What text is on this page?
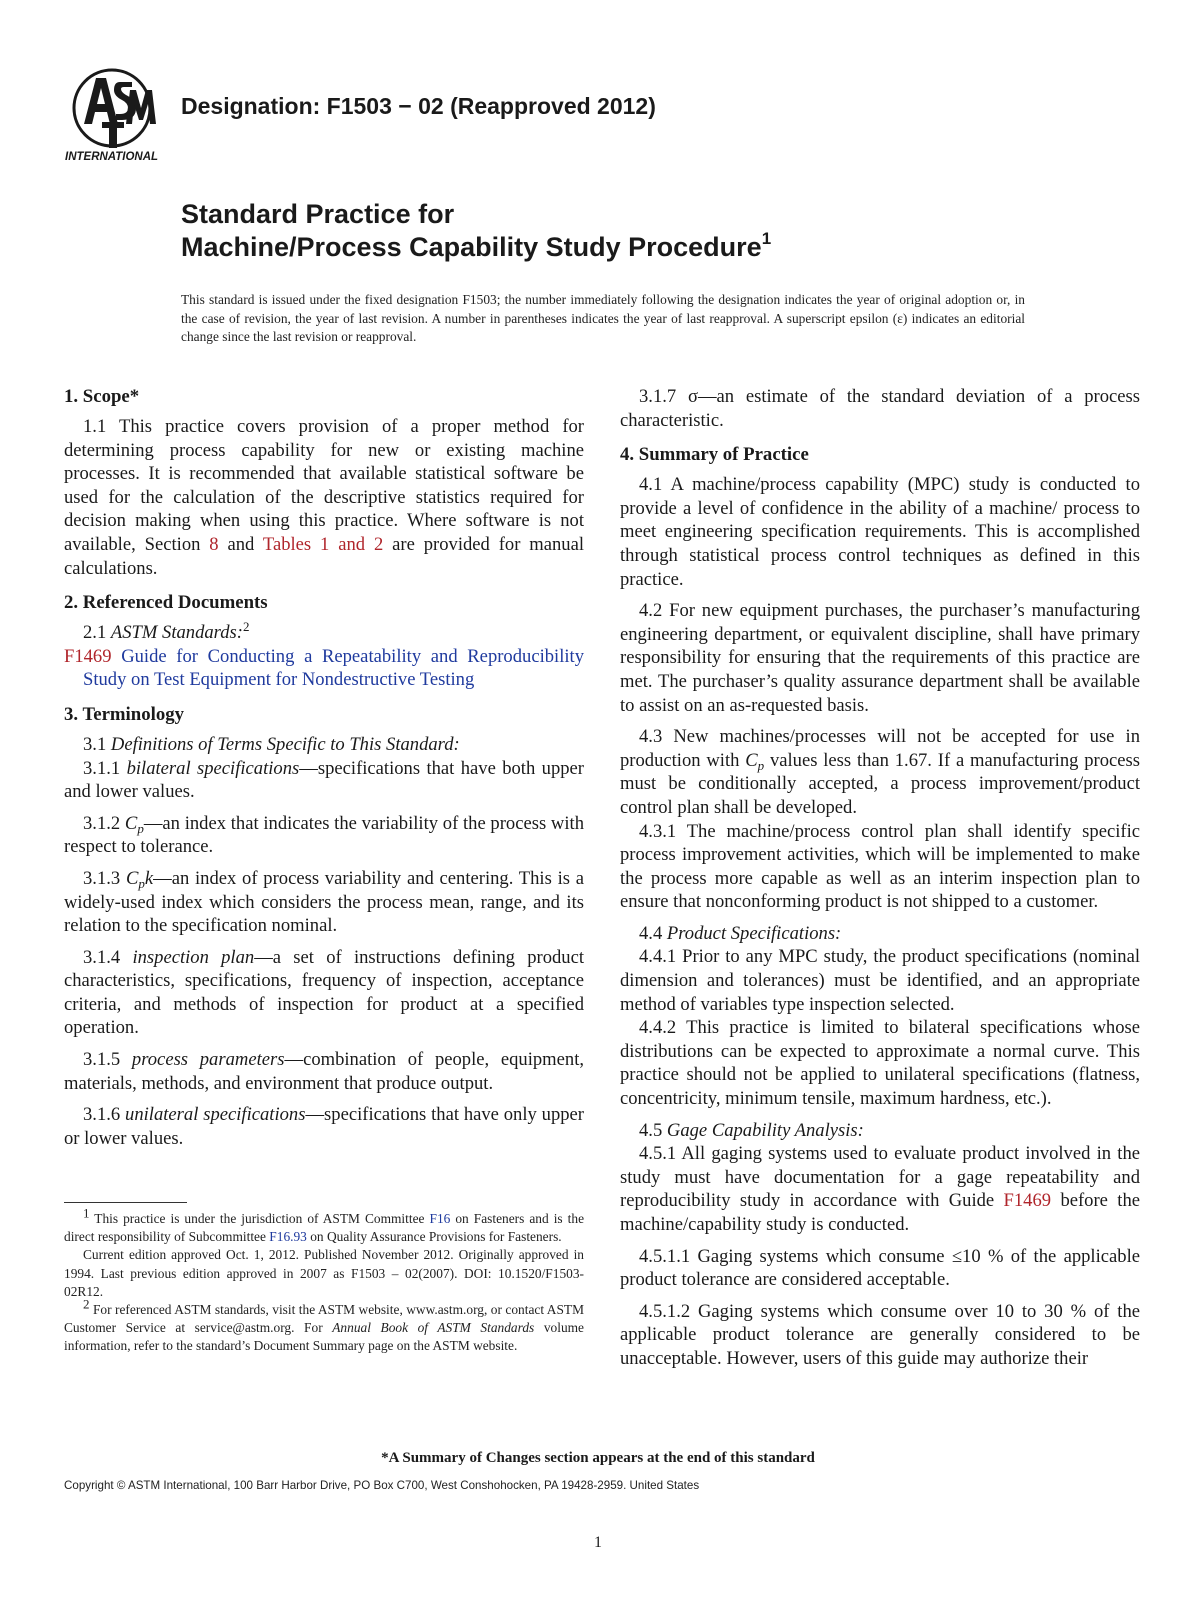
INTERNATIONAL
Designation: F1503 − 02 (Reapproved 2012)
Standard Practice for
Machine/Process Capability Study Procedure$^1$
This standard is issued under the fixed designation F1503; the number immediately following the designation indicates the year of original adoption or, in the case of revision, the year of last revision. A number in parentheses indicates the year of last reapproval. A superscript epsilon (ε) indicates an editorial change since the last revision or reapproval.
1. Scope*

1.1 This practice covers provision of a proper method for determining process capability for new or existing machine processes. It is recommended that available statistical software be used for the calculation of the descriptive statistics required for decision making when using this practice. Where software is not available, Section 8 and Tables 1 and 2 are provided for manual calculations.

2. Referenced Documents

2.1 ASTM Standards:$^2$

F1469 Guide for Conducting a Repeatability and Reproducibility Study on Test Equipment for Nondestructive Testing
3. Terminology

3.1 Definitions of Terms Specific to This Standard:

3.1.1 bilateral specifications—specifications that have both upper and lower values.

3.1.2 $C_p—an$ index that indicates the variability of the process with respect to tolerance.

3.1.3 $C_pk—an$ index of process variability and centering. This is a widely-used index which considers the process mean, range, and its relation to the specification nominal.

3.1.4 inspection plan—a set of instructions defining product characteristics, specifications, frequency of inspection, acceptance criteria, and methods of inspection for product at a specified operation.

3.1.5 process parameters—combination of people, equipment, materials, methods, and environment that produce output.

3.1.6 unilateral specifications—specifications that have only upper or lower values.

3.1.7 σ—an estimate of the standard deviation of a process characteristic.

4. Summary of Practice

4.1 A machine/process capability (MPC) study is conducted to provide a level of confidence in the ability of a machine/ process to meet engineering specification requirements. This is accomplished through statistical process control techniques as defined in this practice.

4.2 For new equipment purchases, the purchaser’s manufacturing engineering department, or equivalent discipline, shall have primary responsibility for ensuring that the requirements of this practice are met. The purchaser’s quality assurance department shall be available to assist on an as-requested basis.

4.3 New machines/processes will not be accepted for use in production with $C_p$ values less than 1.67. If a manufacturing process must be conditionally accepted, a process improvement/product control plan shall be developed.

4.3.1 The machine/process control plan shall identify specific process improvement activities, which will be implemented to make the process more capable as well as an interim inspection plan to ensure that nonconforming product is not shipped to a customer.

4.4 Product Specifications:

4.4.1 Prior to any MPC study, the product specifications (nominal dimension and tolerances) must be identified, and an appropriate method of variables type inspection selected.

4.4.2 This practice is limited to bilateral specifications whose distributions can be expected to approximate a normal curve. This practice should not be applied to unilateral specifications (flatness, concentricity, minimum tensile, maximum hardness, etc.).

4.5 Gage Capability Analysis:

4.5.1 All gaging systems used to evaluate product involved in the study must have documentation for a gage repeatability and reproducibility study in accordance with Guide F1469 before the machine/capability study is conducted.

4.5.1.1 Gaging systems which consume ≤10 % of the applicable product tolerance are considered acceptable.

4.5.1.2 Gaging systems which consume over 10 to 30 % of the applicable product tolerance are generally considered to be unacceptable. However, users of this guide may authorize their

$^1$ This practice is under the jurisdiction of ASTM Committee F16 on Fasteners and is the direct responsibility of Subcommittee F16.93 on Quality Assurance Provisions for Fasteners.

Current edition approved Oct. 1, 2012. Published November 2012. Originally approved in 1994. Last previous edition approved in 2007 as F1503 – 02(2007). DOI: 10.1520/F1503-02R12.

$^2$ For referenced ASTM standards, visit the ASTM website, www.astm.org, or contact ASTM Customer Service at service@astm.org. For Annual Book of ASTM Standards volume information, refer to the standard’s Document Summary page on the ASTM website.

*A Summary of Changes section appears at the end of this standard
Copyright © ASTM International, 100 Barr Harbor Drive, PO Box C700, West Conshohocken, PA 19428-2959. United States
1
